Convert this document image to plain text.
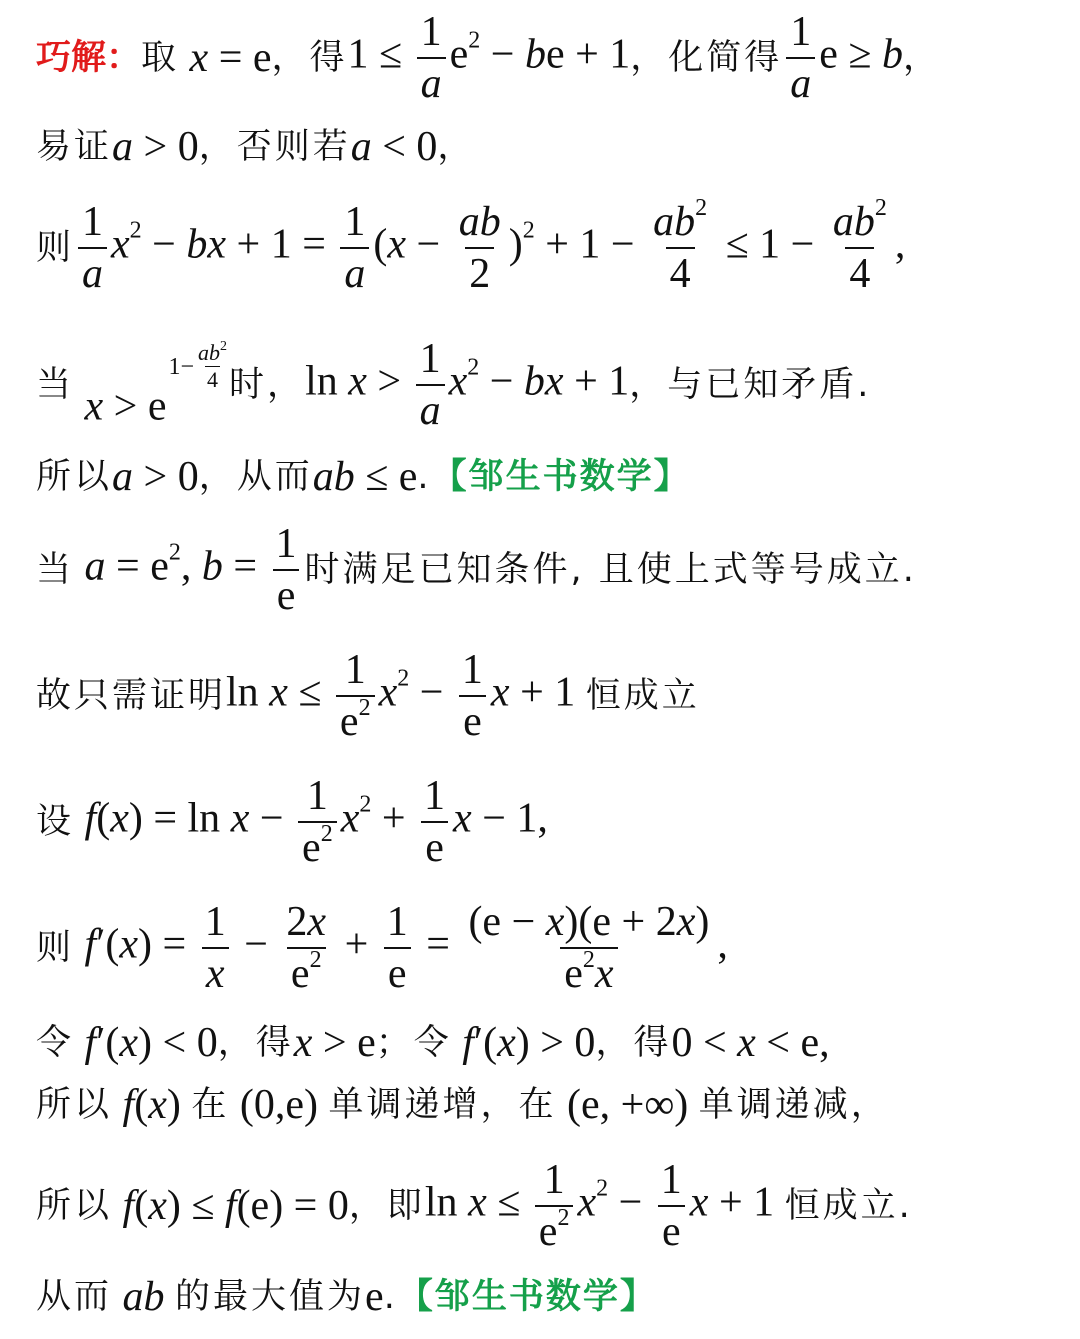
巧解： 取 x = e ，得 $1 \le \frac{1}{a} e^2$ − be + 1 ，化简得 $\frac{1}{a}$ e ≥ b ，
易证 a > 0 ，否则若 a < 0 ，
则 $\frac{1}{a} x^2$ − bx + $1 = \frac{1}{a} (x - \frac{ab}{2} )^2 + 1 - \frac{ab^2}{4} \le 1 - \frac{ab^2}{4}$ ,
当 $x > e1- \frac{ab^2}{4}$ 时， $\ln x > \frac{1}{a} x^2$ − bx + 1 ，与已知矛盾.
所以 a > 0 ，从而 ab ≤ e . 【邹生书数学】
当 $a = e^2$, $b = \frac{1}{e}$ 时满足已知条件, 且使上式等号成立.
故只需证明 $\ln x \le \frac{1}{e^2} x^2 - \frac{1}{e}$ x + 1 恒成立
设 $f(x) = \ln x - \frac{1}{e^2} x^2 + \frac{1}{e}$ x − 1,
则 $f'(x) = \frac{1}{x} - \frac{2x}{e^2} + \frac{1}{e} = \frac{(e - x)(e + 2x)}{e^2x}$ ,
令 f′(x) < 0 ，得 x > e ；令 f′(x) > 0 ，得 0 < x < e,
所以 f(x) 在 (0,e) 单调递增，在 (e, +∞) 单调递减，
所以 f(x) ≤ f(e) = 0 ，即 $\ln x \le \frac{1}{e^2} x^2 - \frac{1}{e}$ x + 1 恒成立.
从而 ab 的最大值为 e . 【邹生书数学】
